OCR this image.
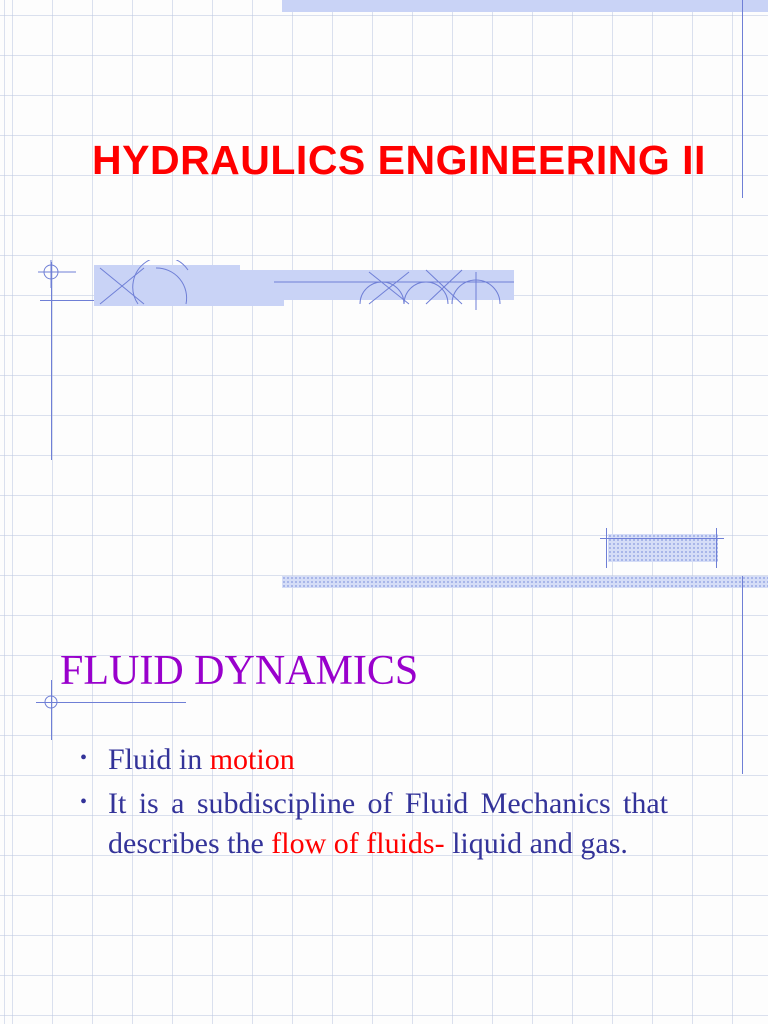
HYDRAULICS ENGINEERING II
FLUID DYNAMICS
• Fluid in motion
• It is a subdiscipline of Fluid Mechanics that describes the flow of fluids- liquid and gas.
